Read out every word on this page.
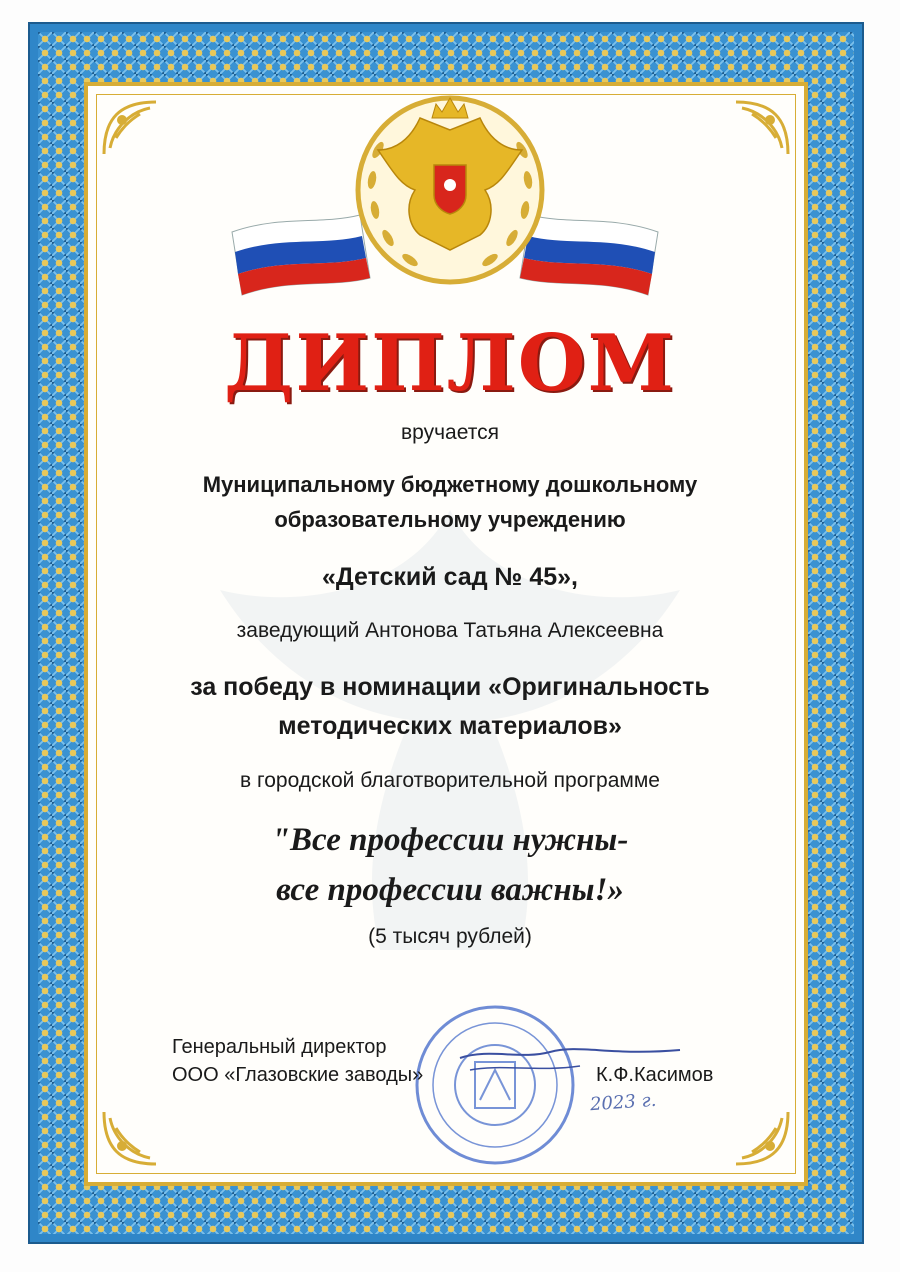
ДИПЛОМ
вручается
Муниципальному бюджетному дошкольному
образовательному учреждению
«Детский сад № 45»,
заведующий Антонова Татьяна Алексеевна
за победу в номинации «Оригинальность
методических материалов»
в городской благотворительной программе
"Все профессии нужны-
все профессии важны!»
(5 тысяч рублей)
Генеральный директор
ООО «Глазовские заводы»	К.Ф.Касимов
2023 г.
